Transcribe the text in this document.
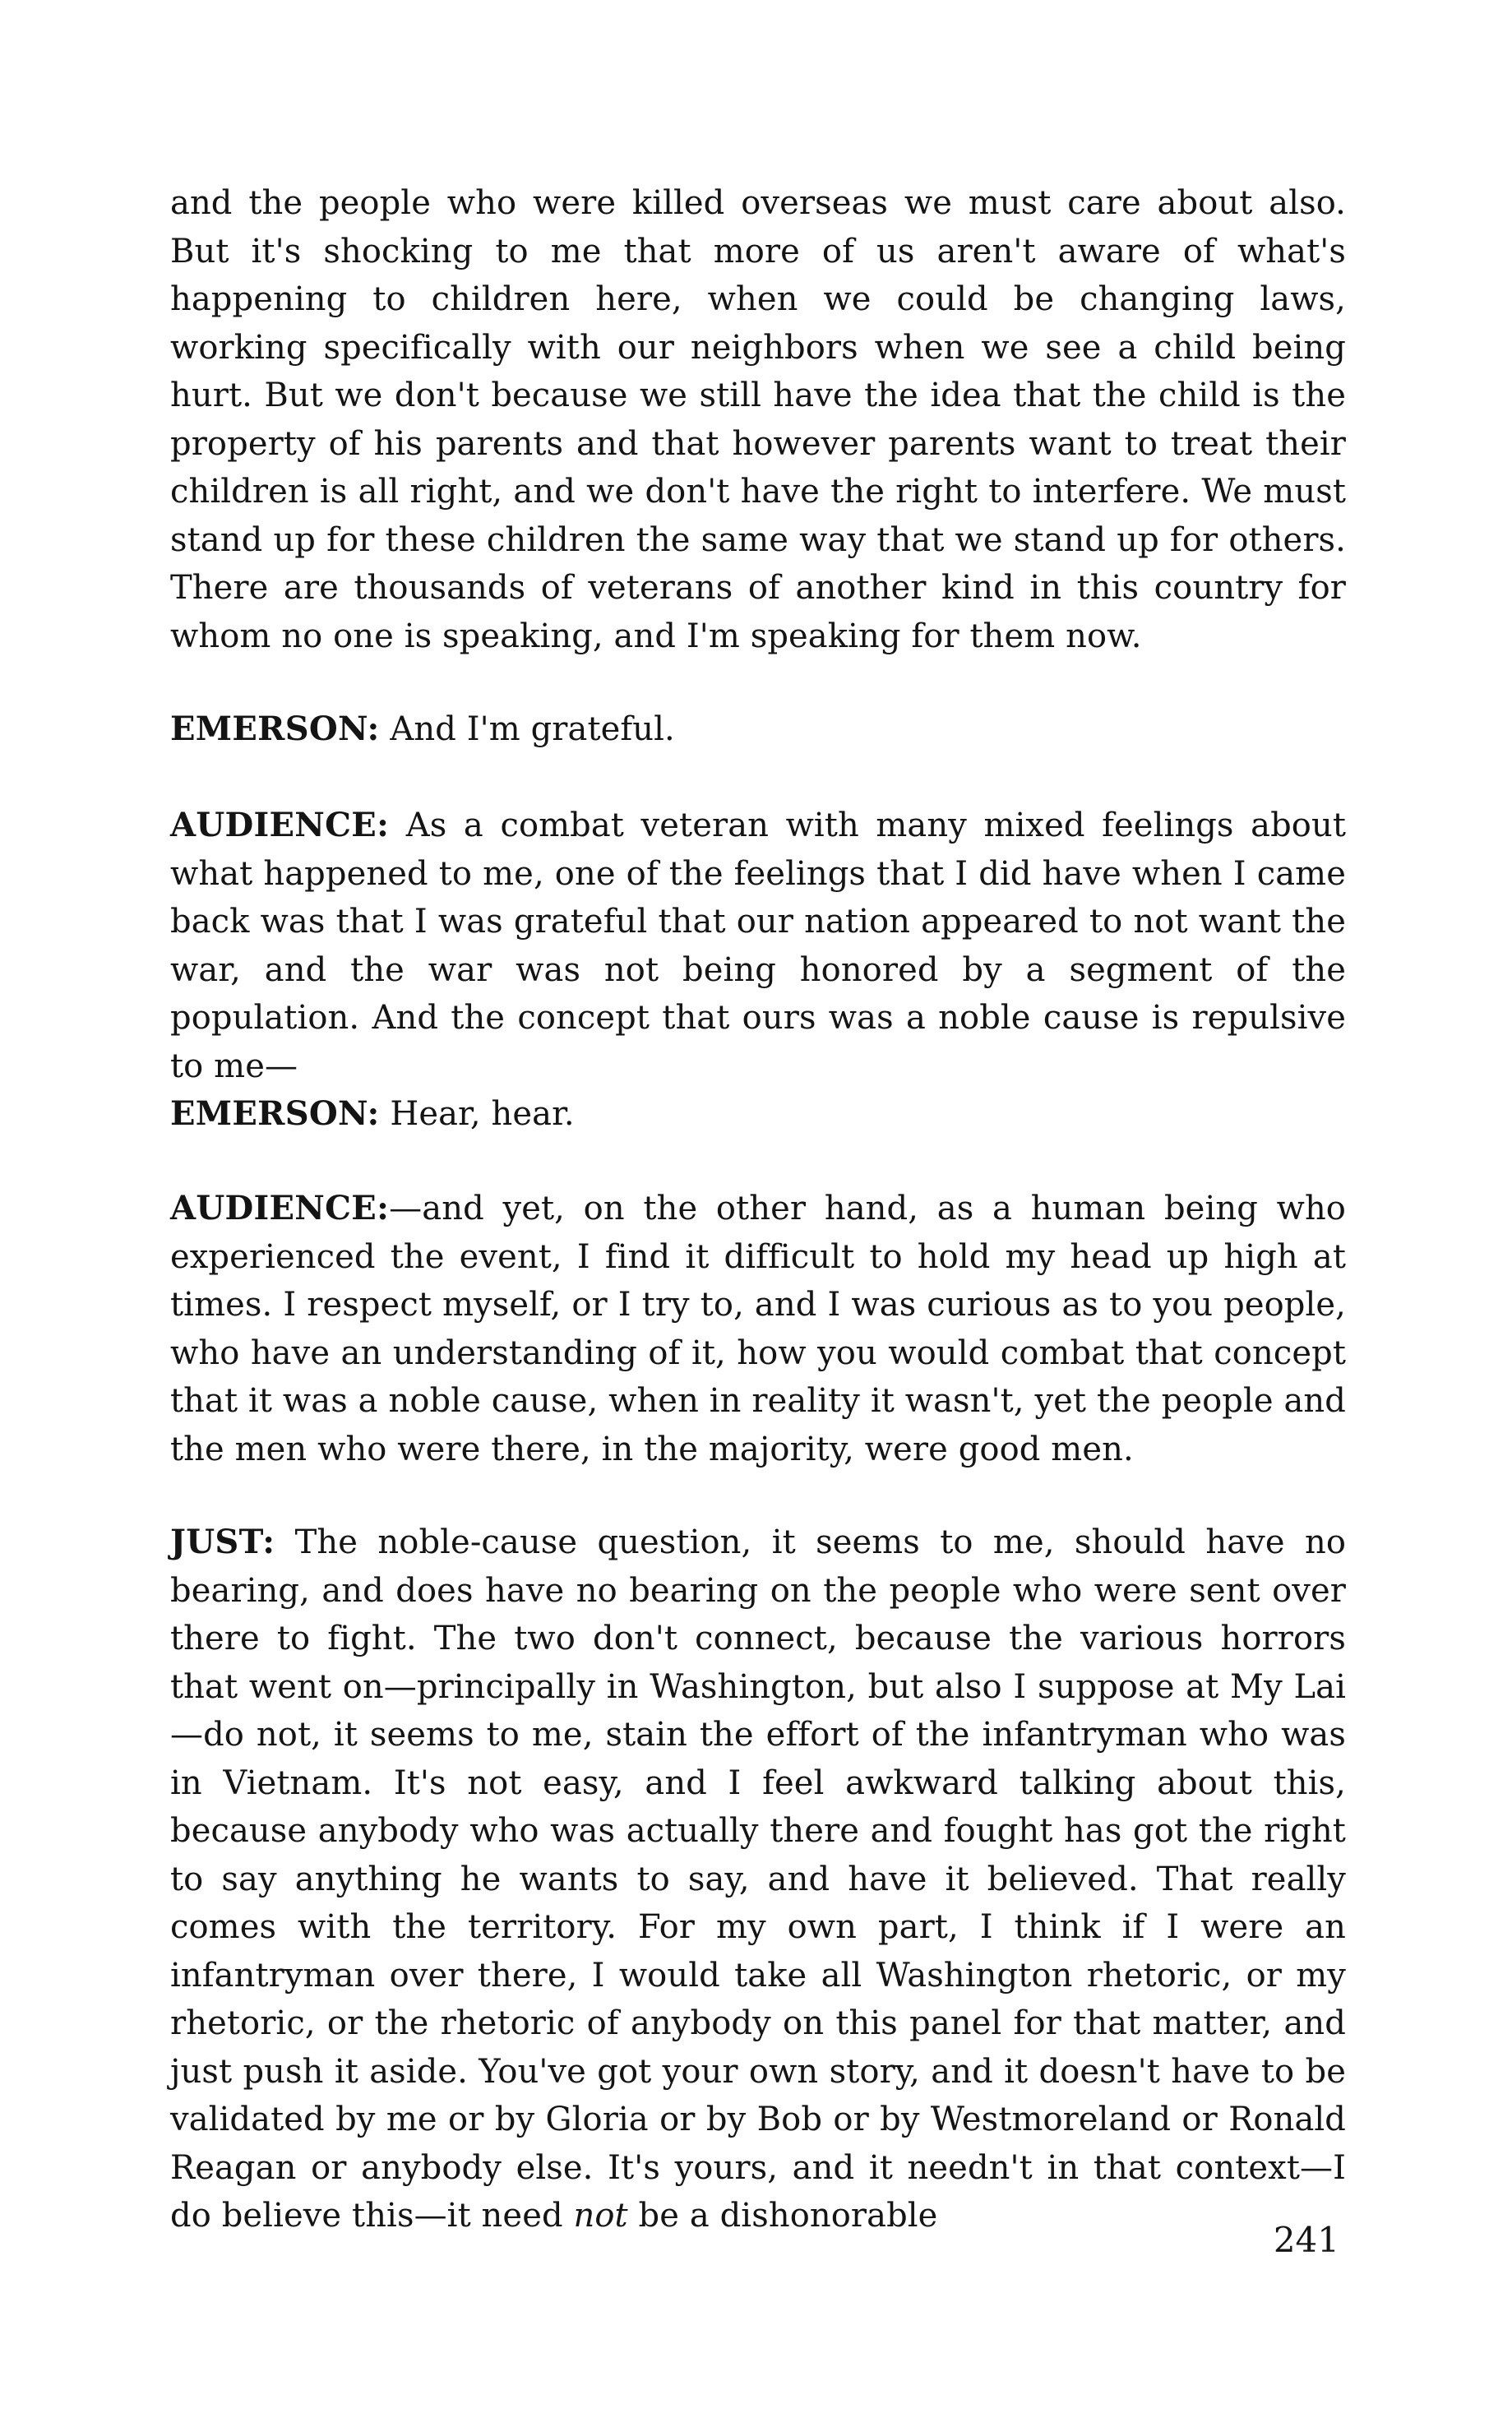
and the people who were killed overseas we must care about also. But it's shocking to me that more of us aren't aware of what's happening to children here, when we could be changing laws, working specifically with our neighbors when we see a child being hurt. But we don't because we still have the idea that the child is the property of his parents and that however parents want to treat their children is all right, and we don't have the right to interfere. We must stand up for these children the same way that we stand up for others. There are thousands of veterans of another kind in this country for whom no one is speaking, and I'm speaking for them now.

EMERSON: And I'm grateful.

AUDIENCE: As a combat veteran with many mixed feelings about what happened to me, one of the feelings that I did have when I came back was that I was grateful that our nation appeared to not want the war, and the war was not being honored by a segment of the population. And the concept that ours was a noble cause is repulsive to me—

EMERSON: Hear, hear.

AUDIENCE:—and yet, on the other hand, as a human being who experienced the event, I find it difficult to hold my head up high at times. I respect myself, or I try to, and I was curious as to you people, who have an understanding of it, how you would combat that concept that it was a noble cause, when in reality it wasn't, yet the people and the men who were there, in the majority, were good men.

JUST: The noble-cause question, it seems to me, should have no bearing, and does have no bearing on the people who were sent over there to fight. The two don't connect, because the various horrors that went on—principally in Washington, but also I suppose at My Lai—do not, it seems to me, stain the effort of the infantryman who was in Vietnam. It's not easy, and I feel awkward talking about this, because anybody who was actually there and fought has got the right to say anything he wants to say, and have it believed. That really comes with the territory. For my own part, I think if I were an infantryman over there, I would take all Washington rhetoric, or my rhetoric, or the rhetoric of anybody on this panel for that matter, and just push it aside. You've got your own story, and it doesn't have to be validated by me or by Gloria or by Bob or by Westmoreland or Ronald Reagan or anybody else. It's yours, and it needn't in that context—I do believe this—it need not be a dishonorable

241
